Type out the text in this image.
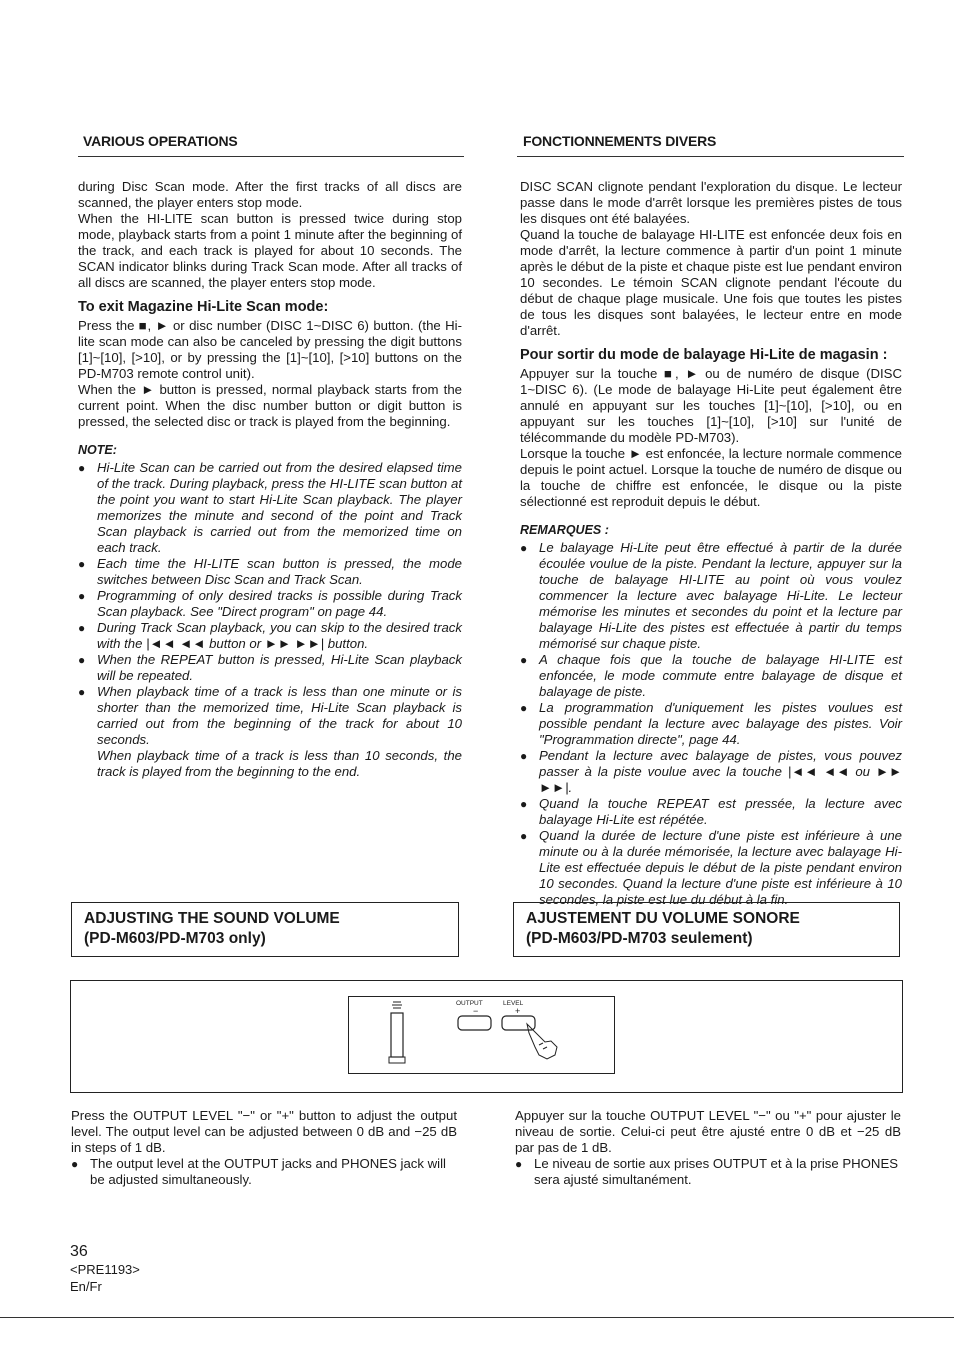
VARIOUS OPERATIONS	FONCTIONNEMENTS DIVERS

during Disc Scan mode. After the first tracks of all discs are scanned, the player enters stop mode.

When the HI-LITE scan button is pressed twice during stop mode, playback starts from a point 1 minute after the beginning of the track, and each track is played for about 10 seconds. The SCAN indicator blinks during Track Scan mode. After all tracks of all discs are scanned, the player enters stop mode.

To exit Magazine Hi-Lite Scan mode:

Press the ■, ► or disc number (DISC 1~DISC 6) button. (the Hi-lite scan mode can also be canceled by pressing the digit buttons [1]~[10], [>10], or by pressing the [1]~[10], [>10] buttons on the PD-M703 remote control unit).

When the ► button is pressed, normal playback starts from the current point. When the disc number button or digit button is pressed, the selected disc or track is played from the beginning.

NOTE:
● Hi-Lite Scan can be carried out from the desired elapsed time of the track. During playback, press the HI-LITE scan button at the point you want to start Hi-Lite Scan playback. The player memorizes the minute and second of the point and Track Scan playback is carried out from the memorized time on each track.
● Each time the HI-LITE scan button is pressed, the mode switches between Disc Scan and Track Scan.
● Programming of only desired tracks is possible during Track Scan playback. See "Direct program" on page 44.
● During Track Scan playback, you can skip to the desired track with the |◄◄ ◄◄ button or ►► ►►| button.
● When the REPEAT button is pressed, Hi-Lite Scan playback will be repeated.
● When playback time of a track is less than one minute or is shorter than the memorized time, Hi-Lite Scan playback is carried out from the beginning of the track for about 10 seconds.
When playback time of a track is less than 10 seconds, the track is played from the beginning to the end.

DISC SCAN clignote pendant l'exploration du disque. Le lecteur passe dans le mode d'arrêt lorsque les premières pistes de tous les disques ont été balayées.

Quand la touche de balayage HI-LITE est enfoncée deux fois en mode d'arrêt, la lecture commence à partir d'un point 1 minute après le début de la piste et chaque piste est lue pendant environ 10 secondes. Le témoin SCAN clignote pendant l'écoute du début de chaque plage musicale. Une fois que toutes les pistes de tous les disques sont balayées, le lecteur entre en mode d'arrêt.

Pour sortir du mode de balayage Hi-Lite de magasin :

Appuyer sur la touche ■, ► ou de numéro de disque (DISC 1~DISC 6). (Le mode de balayage Hi-Lite peut également être annulé en appuyant sur les touches [1]~[10], [>10], ou en appuyant sur les touches [1]~[10], [>10] sur l'unité de télécommande du modèle PD-M703).

Lorsque la touche ► est enfoncée, la lecture normale commence depuis le point actuel. Lorsque la touche de numéro de disque ou la touche de chiffre est enfoncée, le disque ou la piste sélectionné est reproduit depuis le début.

REMARQUES :
● Le balayage Hi-Lite peut être effectué à partir de la durée écoulée voulue de la piste. Pendant la lecture, appuyer sur la touche de balayage HI-LITE au point où vous voulez commencer la lecture avec balayage Hi-Lite. Le lecteur mémorise les minutes et secondes du point et la lecture par balayage Hi-Lite des pistes est effectuée à partir du temps mémorisé sur chaque piste.
● A chaque fois que la touche de balayage HI-LITE est enfoncée, le mode commute entre balayage de disque et balayage de piste.
● La programmation d'uniquement les pistes voulues est possible pendant la lecture avec balayage des pistes. Voir "Programmation directe", page 44.
● Pendant la lecture avec balayage de pistes, vous pouvez passer à la piste voulue avec la touche |◄◄ ◄◄ ou ►► ►►|.
● Quand la touche REPEAT est pressée, la lecture avec balayage Hi-Lite est répétée.
● Quand la durée de lecture d'une piste est inférieure à une minute ou à la durée mémorisée, la lecture avec balayage Hi-Lite est effectuée depuis le début de la piste pendant environ 10 secondes. Quand la lecture d'une piste est inférieure à 10 secondes, la piste est lue du début à la fin.
ADJUSTING THE SOUND VOLUME
(PD-M603/PD-M703 only)
AJUSTEMENT DU VOLUME SONORE
(PD-M603/PD-M703 seulement)
OUTPUT	LEVEL
−	+

Press the OUTPUT LEVEL "−" or "+" button to adjust the output level. The output level can be adjusted between 0 dB and −25 dB in steps of 1 dB.

● The output level at the OUTPUT jacks and PHONES jack will be adjusted simultaneously.

Appuyer sur la touche OUTPUT LEVEL "−" ou "+" pour ajuster le niveau de sortie. Celui-ci peut être ajusté entre 0 dB et −25 dB par pas de 1 dB.

● Le niveau de sortie aux prises OUTPUT et à la prise PHONES sera ajusté simultanément.
36
<PRE1193>
En/Fr
